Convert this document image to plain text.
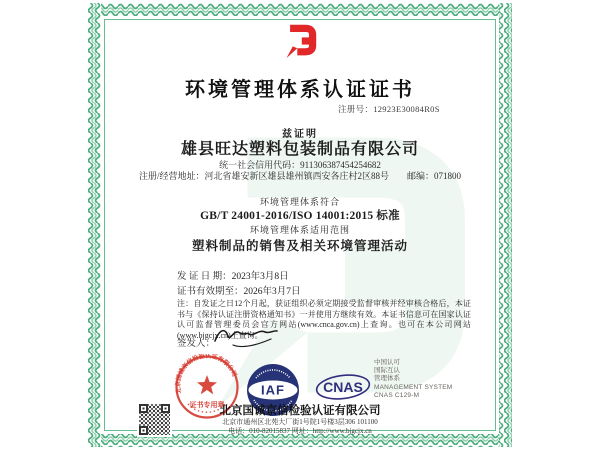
环境管理体系认证证书
注册号：12923E30084R0S
兹证明
雄县旺达塑料包装制品有限公司
统一社会信用代码：911306387454254682
注册/经营地址：河北省雄安新区雄县雄州镇西安各庄村2区88号 邮编：071800
环境管理体系符合
GB/T 24001-2016/ISO 14001:2015 标准
环境管理体系适用范围
塑料制品的销售及相关环境管理活动
发 证 日 期：2023年3月8日
证书有效期至：2026年3月7日
注：自发证之日12个月起，获证组织必须定期接受监督审核并经审核合格后，本证书与《保持认证注册资格通知书》一并使用方继续有效。本证书信息可在国家认证认可监督管理委员会官方网站(www.cnca.gov.cn)上查询。也可在本公司网站(www.bjgcjx.cn)上查询。
签发人：
北京国诚京信检验认证有限公司
证书专用章
IAF	CNAS
中国认可
国际互认
管理体系
MANAGEMENT SYSTEM
CNAS C129-M
北京国诚京信检验认证有限公司
北京市通州区北苑大厂街1号院1号楼3层306 101100
电话：010-82015837 网址：http://www.bjgcjx.cn
